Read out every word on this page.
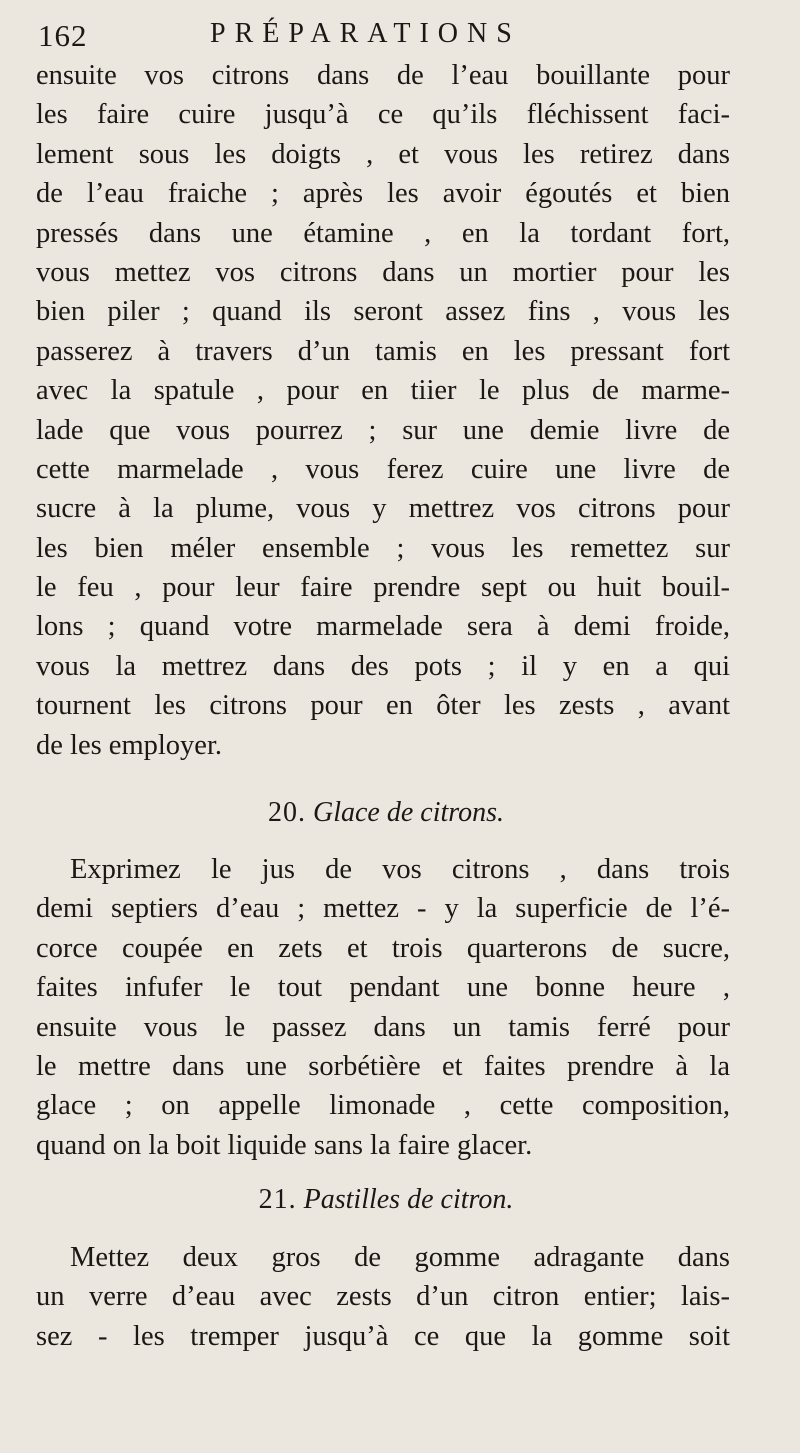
162	PRÉPARATIONS
ensuite vos citrons dans de l’eau bouillante pour
les faire cuire jusqu’à ce qu’ils fléchissent faci-
lement sous les doigts , et vous les retirez dans
de l’eau fraiche ; après les avoir égoutés et bien
pressés dans une étamine , en la tordant fort,
vous mettez vos citrons dans un mortier pour les
bien piler ; quand ils seront assez fins , vous les
passerez à travers d’un tamis en les pressant fort
avec la spatule , pour en tiier le plus de marme-
lade que vous pourrez ; sur une demie livre de
cette marmelade , vous ferez cuire une livre de
sucre à la plume, vous y mettrez vos citrons pour
les bien méler ensemble ; vous les remettez sur
le feu , pour leur faire prendre sept ou huit bouil-
lons ; quand votre marmelade sera à demi froide,
vous la mettrez dans des pots ; il y en a qui
tournent les citrons pour en ôter les zests , avant
de les employer.
20. Glace de citrons.
Exprimez le jus de vos citrons , dans trois
demi septiers d’eau ; mettez - y la superficie de l’é-
corce coupée en zets et trois quarterons de sucre,
faites infufer le tout pendant une bonne heure ,
ensuite vous le passez dans un tamis ferré pour
le mettre dans une sorbétière et faites prendre à la
glace ; on appelle limonade , cette composition,
quand on la boit liquide sans la faire glacer.
21. Pastilles de citron.
Mettez deux gros de gomme adragante dans
un verre d’eau avec zests d’un citron entier; lais-
sez - les tremper jusqu’à ce que la gomme soit
